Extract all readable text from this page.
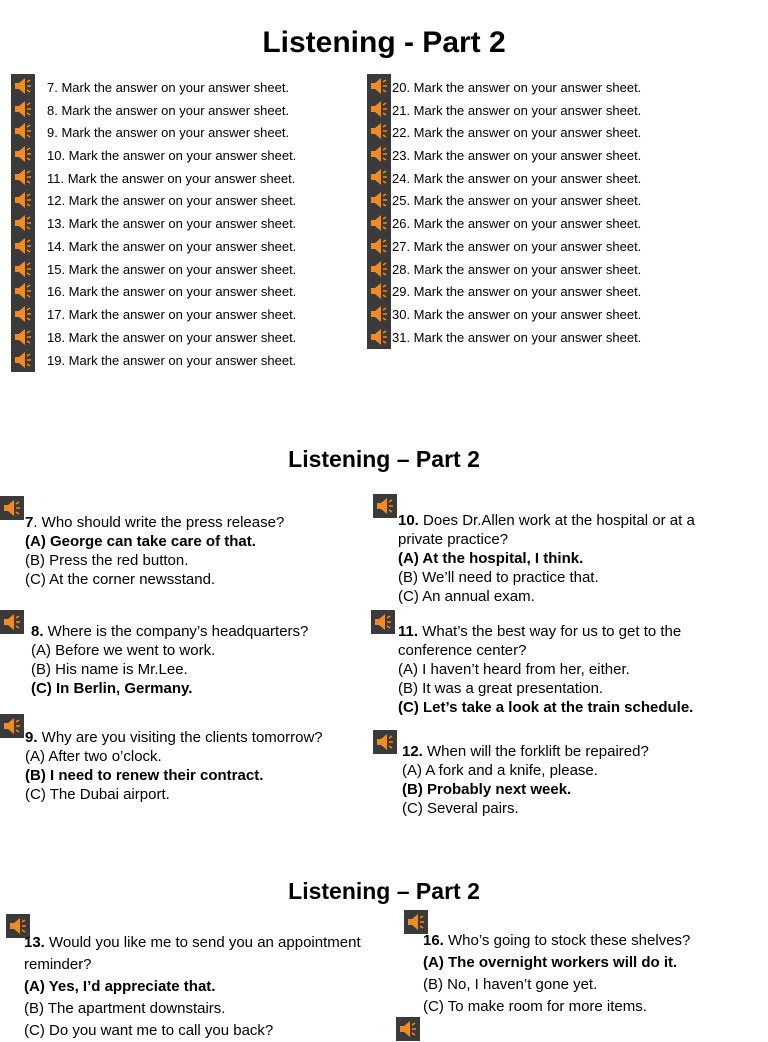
Listening - Part 2
Listening – Part 2
Listening – Part 2
7. Mark the answer on your answer sheet.
8. Mark the answer on your answer sheet.
9. Mark the answer on your answer sheet.
10. Mark the answer on your answer sheet.
11. Mark the answer on your answer sheet.
12. Mark the answer on your answer sheet.
13. Mark the answer on your answer sheet.
14. Mark the answer on your answer sheet.
15. Mark the answer on your answer sheet.
16. Mark the answer on your answer sheet.
17. Mark the answer on your answer sheet.
18. Mark the answer on your answer sheet.
19. Mark the answer on your answer sheet.
20. Mark the answer on your answer sheet.
21. Mark the answer on your answer sheet.
22. Mark the answer on your answer sheet.
23. Mark the answer on your answer sheet.
24. Mark the answer on your answer sheet.
25. Mark the answer on your answer sheet.
26. Mark the answer on your answer sheet.
27. Mark the answer on your answer sheet.
28. Mark the answer on your answer sheet.
29. Mark the answer on your answer sheet.
30. Mark the answer on your answer sheet.
31. Mark the answer on your answer sheet.
7. Who should write the press release?
(A) George can take care of that.
(B) Press the red button.
(C) At the corner newsstand.
10. Does Dr.Allen work at the hospital or at a private practice?
(A) At the hospital, I think.
(B) We’ll need to practice that.
(C) An annual exam.
8. Where is the company’s headquarters?
(A) Before we went to work.
(B) His name is Mr.Lee.
(C) In Berlin, Germany.
11. What’s the best way for us to get to the conference center?
(A) I haven’t heard from her, either.
(B) It was a great presentation.
(C) Let’s take a look at the train schedule.
9. Why are you visiting the clients tomorrow?
(A) After two o’clock.
(B) I need to renew their contract.
(C) The Dubai airport.
12. When will the forklift be repaired?
(A) A fork and a knife, please.
(B) Probably next week.
(C) Several pairs.
13. Would you like me to send you an appointment reminder?
(A) Yes, I’d appreciate that.
(B) The apartment downstairs.
(C) Do you want me to call you back?
16. Who’s going to stock these shelves?
(A) The overnight workers will do it.
(B) No, I haven’t gone yet.
(C) To make room for more items.
